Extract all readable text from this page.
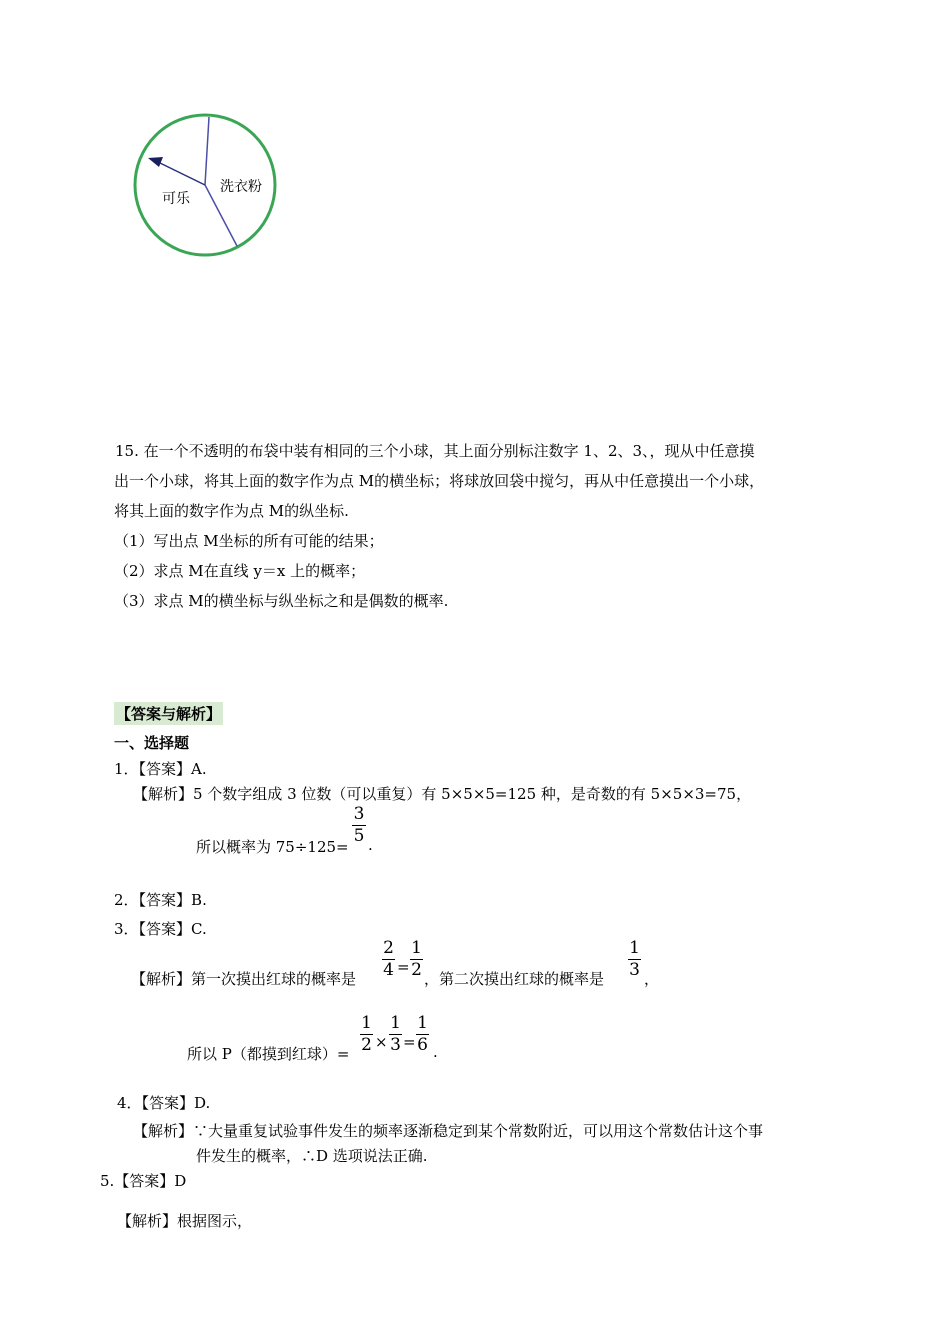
可乐
洗衣粉
15. 在一个不透明的布袋中装有相同的三个小球，其上面分别标注数字 1、2、3、，现从中任意摸
出一个小球，将其上面的数字作为点 M的横坐标；将球放回袋中搅匀，再从中任意摸出一个小球，
将其上面的数字作为点 M的纵坐标.
（1）写出点 M坐标的所有可能的结果；
（2）求点 M在直线 y＝x 上的概率；
（3）求点 M的横坐标与纵坐标之和是偶数的概率.
【答案与解析】
一、选择题
1．【答案】A.
【解析】5 个数字组成 3 位数（可以重复）有 5×5×5=125 种，是奇数的有 5×5×3=75，
所以概率为 75÷125=
3
5 .
2．【答案】B.
3．【答案】C.
【解析】第一次摸出红球的概率是
2
4 =
1
2 ，第二次摸出红球的概率是
1
3 ，
所以 P（都摸到红球）=
1
2 ×
1
3 =
1
6 .
4．【答案】D.
【解析】∵大量重复试验事件发生的频率逐渐稳定到某个常数附近，可以用这个常数估计这个事
件发生的概率，∴D 选项说法正确.
5.【答案】D
【解析】根据图示，
